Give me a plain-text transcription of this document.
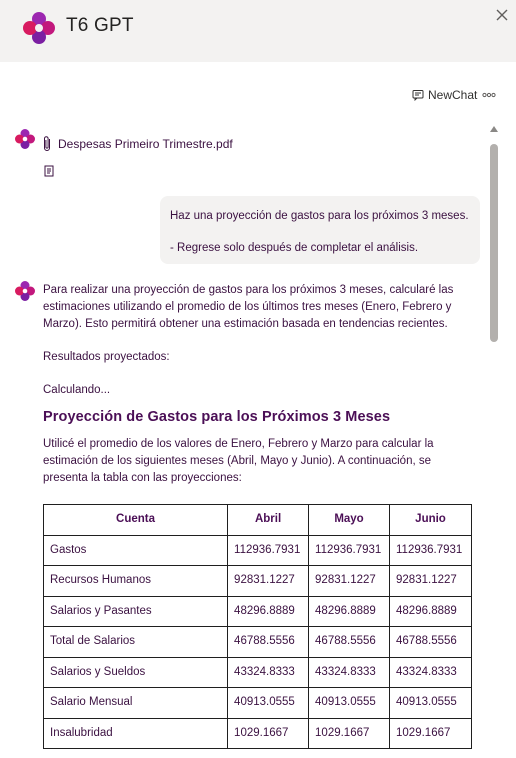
T6 GPT
NewChat
Despesas Primeiro Trimestre.pdf

Haz una proyección de gastos para los próximos 3 meses.

- Regrese solo después de completar el análisis.

Para realizar una proyección de gastos para los próximos 3 meses, calcularé las estimaciones utilizando el promedio de los últimos tres meses (Enero, Febrero y Marzo). Esto permitirá obtener una estimación basada en tendencias recientes.

Resultados proyectados:

Calculando...

Proyección de Gastos para los Próximos 3 Meses

Utilicé el promedio de los valores de Enero, Febrero y Marzo para calcular la estimación de los siguientes meses (Abril, Mayo y Junio). A continuación, se presenta la tabla con las proyecciones:

Cuenta	Abril	Mayo	Junio
Gastos	112936.7931	112936.7931	112936.7931
Recursos Humanos	92831.1227	92831.1227	92831.1227
Salarios y Pasantes	48296.8889	48296.8889	48296.8889
Total de Salarios	46788.5556	46788.5556	46788.5556
Salarios y Sueldos	43324.8333	43324.8333	43324.8333
Salario Mensual	40913.0555	40913.0555	40913.0555
Insalubridad	1029.1667	1029.1667	1029.1667
